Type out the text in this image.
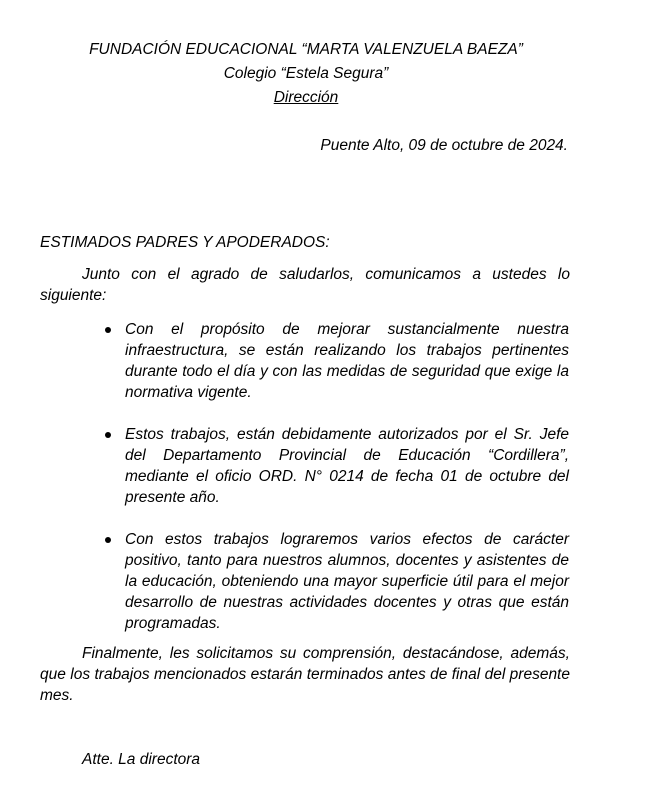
FUNDACIÓN EDUCACIONAL “MARTA VALENZUELA BAEZA”
Colegio “Estela Segura”
Dirección
Puente Alto, 09 de octubre de 2024.
ESTIMADOS PADRES Y APODERADOS:

Junto con el agrado de saludarlos, comunicamos a ustedes lo siguiente:

Con el propósito de mejorar sustancialmente nuestra infraestructura, se están realizando los trabajos pertinentes durante todo el día y con las medidas de seguridad que exige la normativa vigente.
Estos trabajos, están debidamente autorizados por el Sr. Jefe del Departamento Provincial de Educación “Cordillera”, mediante el oficio ORD. N° 0214 de fecha 01 de octubre del presente año.
Con estos trabajos lograremos varios efectos de carácter positivo, tanto para nuestros alumnos, docentes y asistentes de la educación, obteniendo una mayor superficie útil para el mejor desarrollo de nuestras actividades docentes y otras que están programadas.

Finalmente, les solicitamos su comprensión, destacándose, además, que los trabajos mencionados estarán terminados antes de final del presente mes.

Atte. La directora
